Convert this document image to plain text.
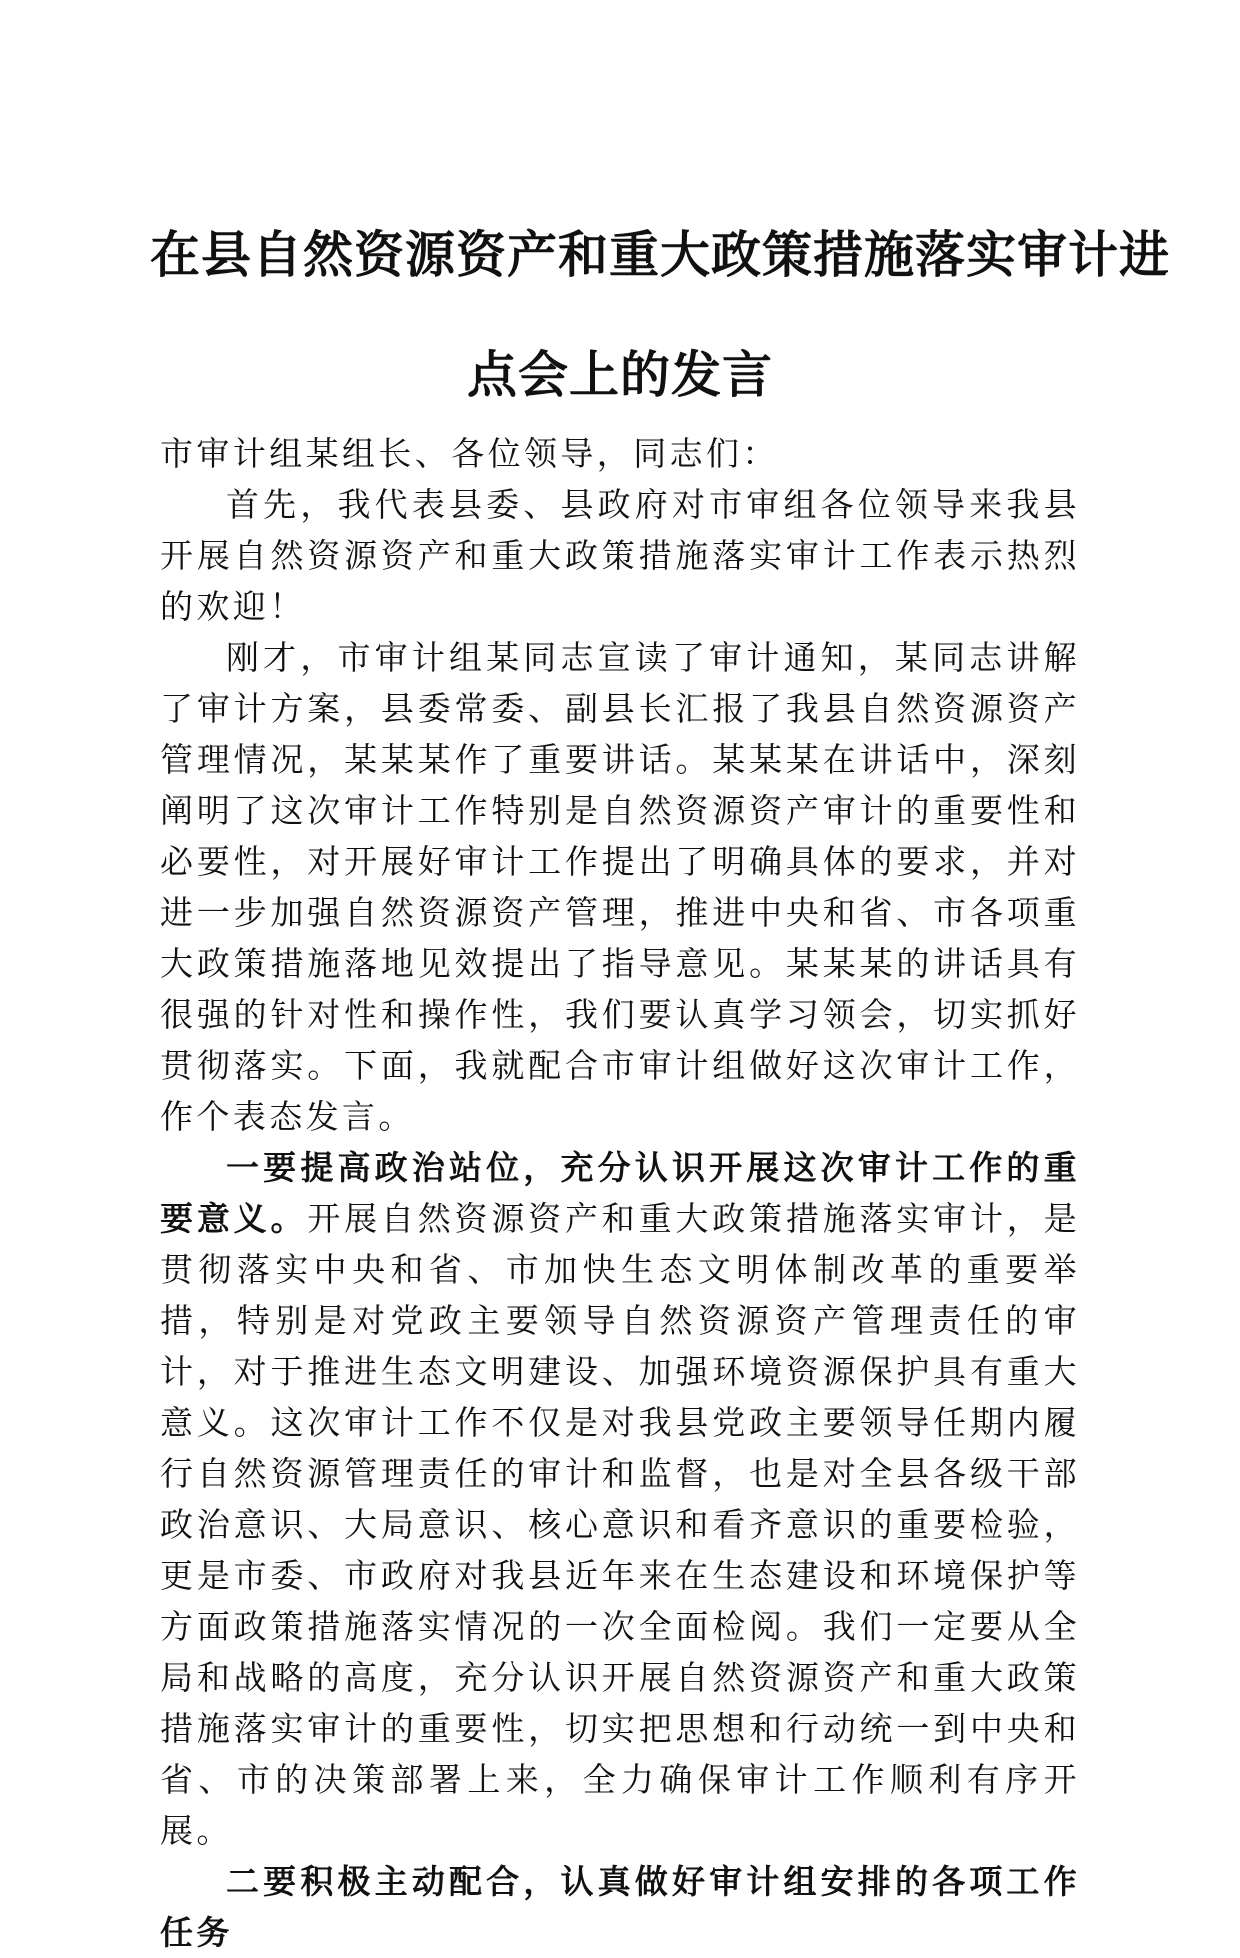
在县自然资源资产和重大政策措施落实审计进
点会上的发言

市审计组某组长、各位领导，同志们：

首先，我代表县委、县政府对市审组各位领导来我县开展自然资源资产和重大政策措施落实审计工作表示热烈的欢迎！

刚才，市审计组某同志宣读了审计通知，某同志讲解了审计方案，县委常委、副县长汇报了我县自然资源资产管理情况，某某某作了重要讲话。某某某在讲话中，深刻阐明了这次审计工作特别是自然资源资产审计的重要性和必要性，对开展好审计工作提出了明确具体的要求，并对进一步加强自然资源资产管理，推进中央和省、市各项重大政策措施落地见效提出了指导意见。某某某的讲话具有很强的针对性和操作性，我们要认真学习领会，切实抓好贯彻落实。下面，我就配合市审计组做好这次审计工作，作个表态发言。

一要提高政治站位，充分认识开展这次审计工作的重要意义。开展自然资源资产和重大政策措施落实审计，是贯彻落实中央和省、市加快生态文明体制改革的重要举措，特别是对党政主要领导自然资源资产管理责任的审计，对于推进生态文明建设、加强环境资源保护具有重大意义。这次审计工作不仅是对我县党政主要领导任期内履行自然资源管理责任的审计和监督，也是对全县各级干部政治意识、大局意识、核心意识和看齐意识的重要检验，更是市委、市政府对我县近年来在生态建设和环境保护等方面政策措施落实情况的一次全面检阅。我们一定要从全局和战略的高度，充分认识开展自然资源资产和重大政策措施落实审计的重要性，切实把思想和行动统一到中央和省、市的决策部署上来，全力确保审计工作顺利有序开展。

二要积极主动配合，认真做好审计组安排的各项工作任务
